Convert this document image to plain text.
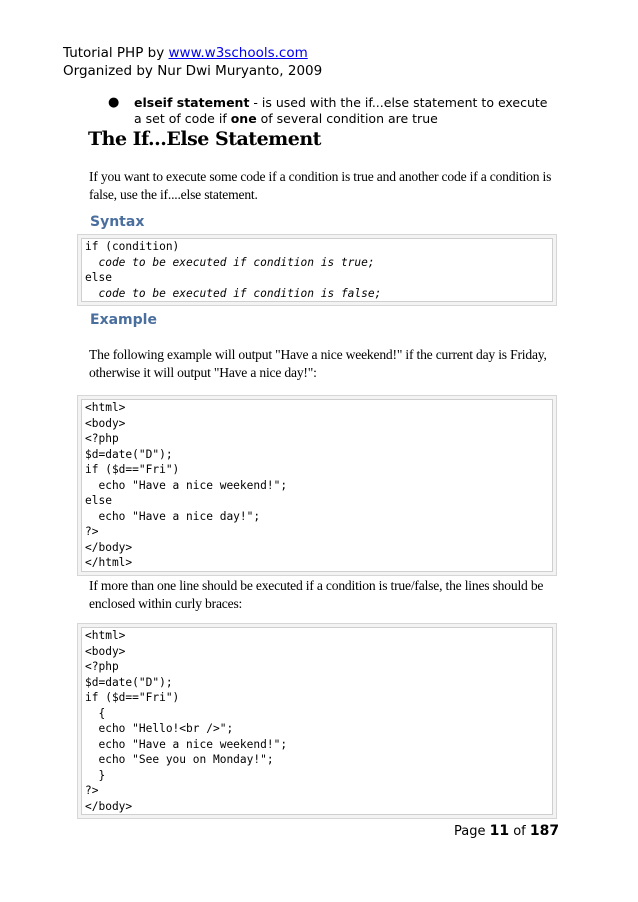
Tutorial PHP by www.w3schools.com
Organized by Nur Dwi Muryanto, 2009
● elseif statement - is used with the if...else statement to execute a set of code if one of several condition are true
The If...Else Statement
If you want to execute some code if a condition is true and another code if a condition is false, use the if....else statement.
Syntax
if (condition)
code to be executed if condition is true;
else
code to be executed if condition is false;
Example
The following example will output "Have a nice weekend!" if the current day is Friday, otherwise it will output "Have a nice day!":
<html>
<body>
<?php
$d=date("D");
if ($d=="Fri")
echo "Have a nice weekend!";
else
echo "Have a nice day!";
?>
</body>
</html>
If more than one line should be executed if a condition is true/false, the lines should be enclosed within curly braces:
<html>
<body>
<?php
$d=date("D");
if ($d=="Fri")
{
echo "Hello!<br />";
echo "Have a nice weekend!";
echo "See you on Monday!";
}
?>
</body>
Page 11 of 187
